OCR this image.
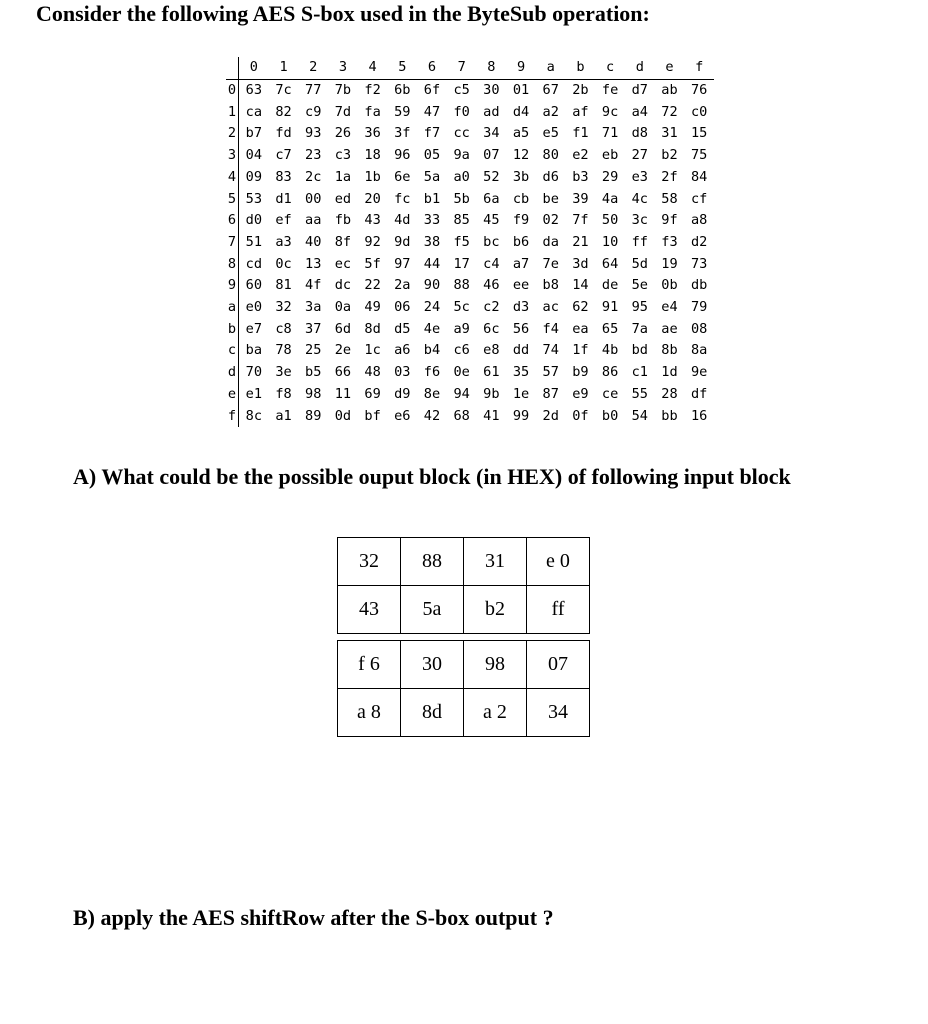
Consider the following AES S-box used in the ByteSub operation:
	0	1	2	3	4	5	6	7	8	9	a	b	c	d	e	f
0	63	7c	77	7b	f2	6b	6f	c5	30	01	67	2b	fe	d7	ab	76
1	ca	82	c9	7d	fa	59	47	f0	ad	d4	a2	af	9c	a4	72	c0
2	b7	fd	93	26	36	3f	f7	cc	34	a5	e5	f1	71	d8	31	15
3	04	c7	23	c3	18	96	05	9a	07	12	80	e2	eb	27	b2	75
4	09	83	2c	1a	1b	6e	5a	a0	52	3b	d6	b3	29	e3	2f	84
5	53	d1	00	ed	20	fc	b1	5b	6a	cb	be	39	4a	4c	58	cf
6	d0	ef	aa	fb	43	4d	33	85	45	f9	02	7f	50	3c	9f	a8
7	51	a3	40	8f	92	9d	38	f5	bc	b6	da	21	10	ff	f3	d2
8	cd	0c	13	ec	5f	97	44	17	c4	a7	7e	3d	64	5d	19	73
9	60	81	4f	dc	22	2a	90	88	46	ee	b8	14	de	5e	0b	db
a	e0	32	3a	0a	49	06	24	5c	c2	d3	ac	62	91	95	e4	79
b	e7	c8	37	6d	8d	d5	4e	a9	6c	56	f4	ea	65	7a	ae	08
c	ba	78	25	2e	1c	a6	b4	c6	e8	dd	74	1f	4b	bd	8b	8a
d	70	3e	b5	66	48	03	f6	0e	61	35	57	b9	86	c1	1d	9e
e	e1	f8	98	11	69	d9	8e	94	9b	1e	87	e9	ce	55	28	df
f	8c	a1	89	0d	bf	e6	42	68	41	99	2d	0f	b0	54	bb	16
A) What could be the possible ouput block (in HEX) of following input block
32	88	31	e 0
43	5a	b2	ff
f 6	30	98	07
a 8	8d	a 2	34
B) apply the AES shiftRow after the S-box output ?
